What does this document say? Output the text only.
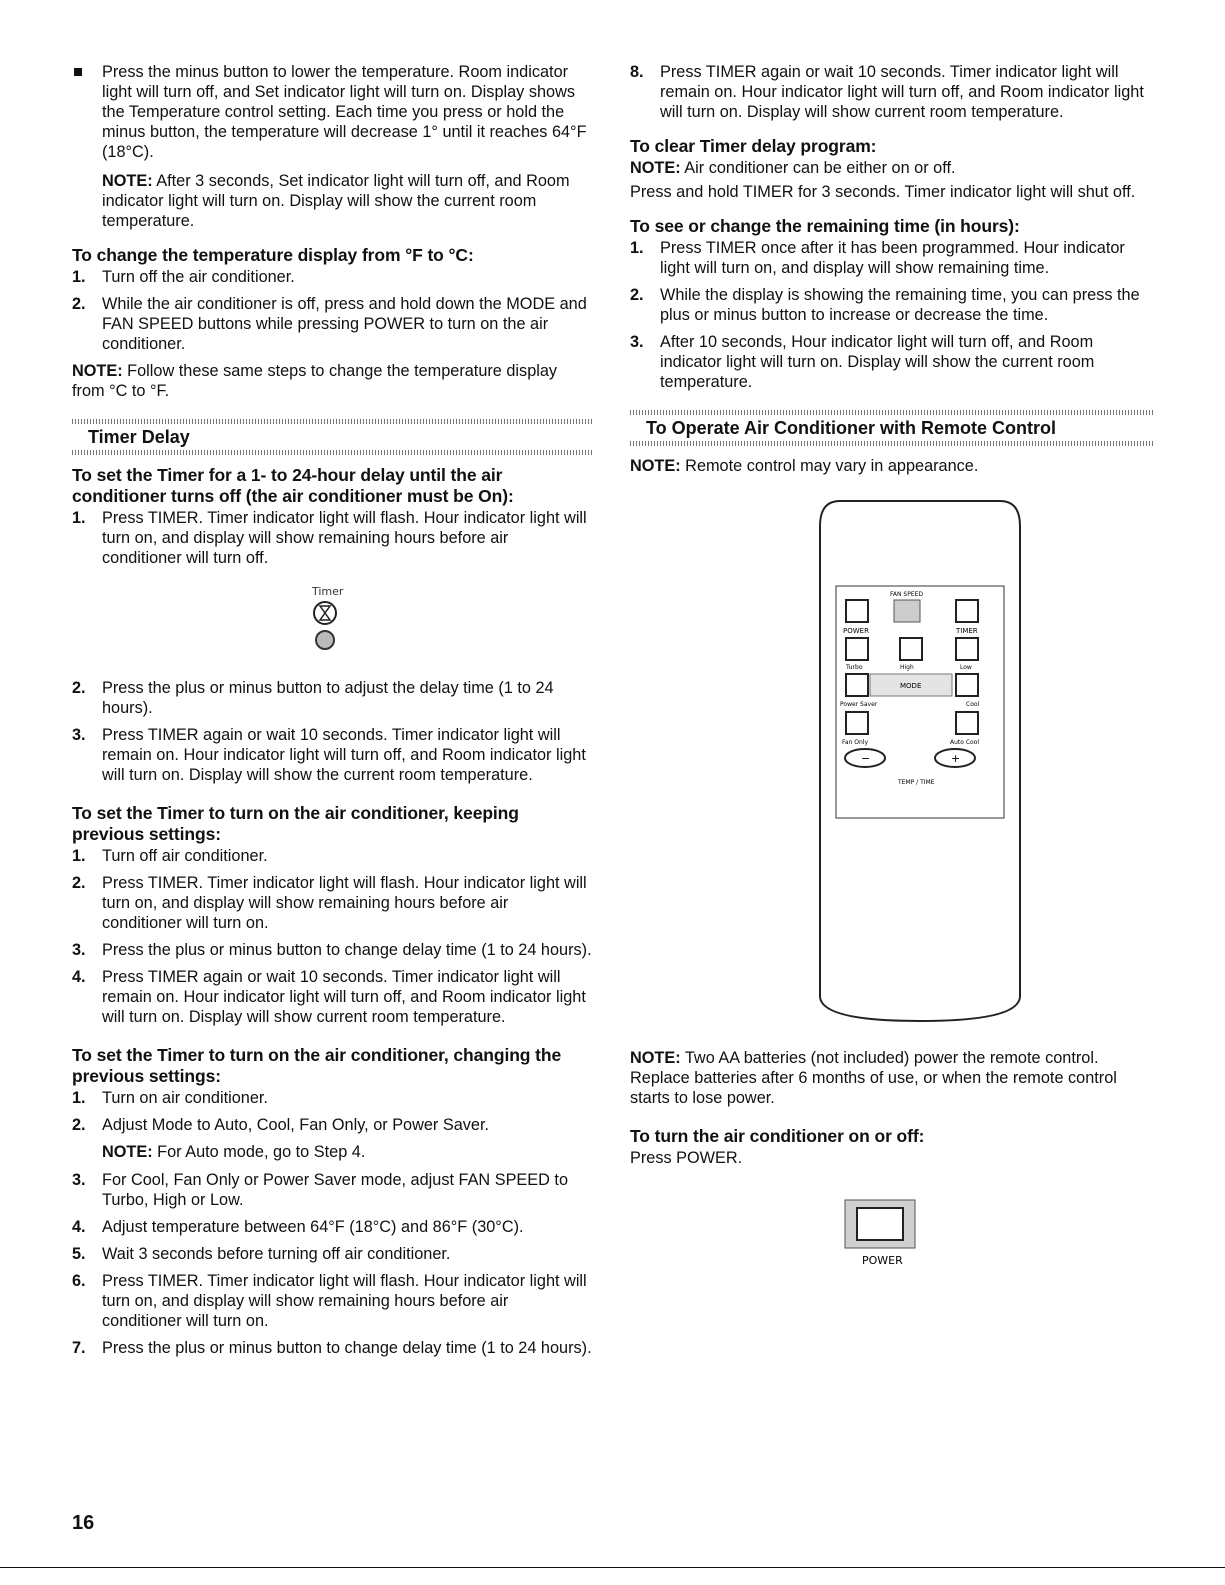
Press the minus button to lower the temperature. Room indicator light will turn off, and Set indicator light will turn on. Display shows the Temperature control setting. Each time you press or hold the minus button, the temperature will decrease 1° until it reaches 64°F (18°C).

NOTE: After 3 seconds, Set indicator light will turn off, and Room indicator light will turn on. Display will show the current room temperature.

To change the temperature display from °F to °C:
1. Turn off the air conditioner.
2. While the air conditioner is off, press and hold down the MODE and FAN SPEED buttons while pressing POWER to turn on the air conditioner.

NOTE: Follow these same steps to change the temperature display from °C to °F.

Timer Delay
To set the Timer for a 1- to 24-hour delay until the air conditioner turns off (the air conditioner must be On):
1. Press TIMER. Timer indicator light will flash. Hour indicator light will turn on, and display will show remaining hours before air conditioner will turn off.
Timer
2. Press the plus or minus button to adjust the delay time (1 to 24 hours).
3. Press TIMER again or wait 10 seconds. Timer indicator light will remain on. Hour indicator light will turn off, and Room indicator light will turn on. Display will show the current room temperature.
To set the Timer to turn on the air conditioner, keeping previous settings:
1. Turn off air conditioner.
2. Press TIMER. Timer indicator light will flash. Hour indicator light will turn on, and display will show remaining hours before air conditioner will turn on.
3. Press the plus or minus button to change delay time (1 to 24 hours).
4. Press TIMER again or wait 10 seconds. Timer indicator light will remain on. Hour indicator light will turn off, and Room indicator light will turn on. Display will show current room temperature.
To set the Timer to turn on the air conditioner, changing the previous settings:
1. Turn on air conditioner.
2. Adjust Mode to Auto, Cool, Fan Only, or Power Saver.

NOTE: For Auto mode, go to Step 4.

3. For Cool, Fan Only or Power Saver mode, adjust FAN SPEED to Turbo, High or Low.
4. Adjust temperature between 64°F (18°C) and 86°F (30°C).
5. Wait 3 seconds before turning off air conditioner.
6. Press TIMER. Timer indicator light will flash. Hour indicator light will turn on, and display will show remaining hours before air conditioner will turn on.
7. Press the plus or minus button to change delay time (1 to 24 hours).
8. Press TIMER again or wait 10 seconds. Timer indicator light will remain on. Hour indicator light will turn off, and Room indicator light will turn on. Display will show current room temperature.
To clear Timer delay program:

NOTE: Air conditioner can be either on or off.

Press and hold TIMER for 3 seconds. Timer indicator light will shut off.

To see or change the remaining time (in hours):
1. Press TIMER once after it has been programmed. Hour indicator light will turn on, and display will show remaining time.
2. While the display is showing the remaining time, you can press the plus or minus button to increase or decrease the time.
3. After 10 seconds, Hour indicator light will turn off, and Room indicator light will turn on. Display will show the current room temperature.
To Operate Air Conditioner with Remote Control

NOTE: Remote control may vary in appearance.

POWER
FAN SPEED
TIMER
Turbo	High	Low
MODE
Power Saver	Cool
Fan Only	Auto Cool
−	+
TEMP / TIME

NOTE: Two AA batteries (not included) power the remote control. Replace batteries after 6 months of use, or when the remote control starts to lose power.

To turn the air conditioner on or off:

Press POWER.

POWER
16
